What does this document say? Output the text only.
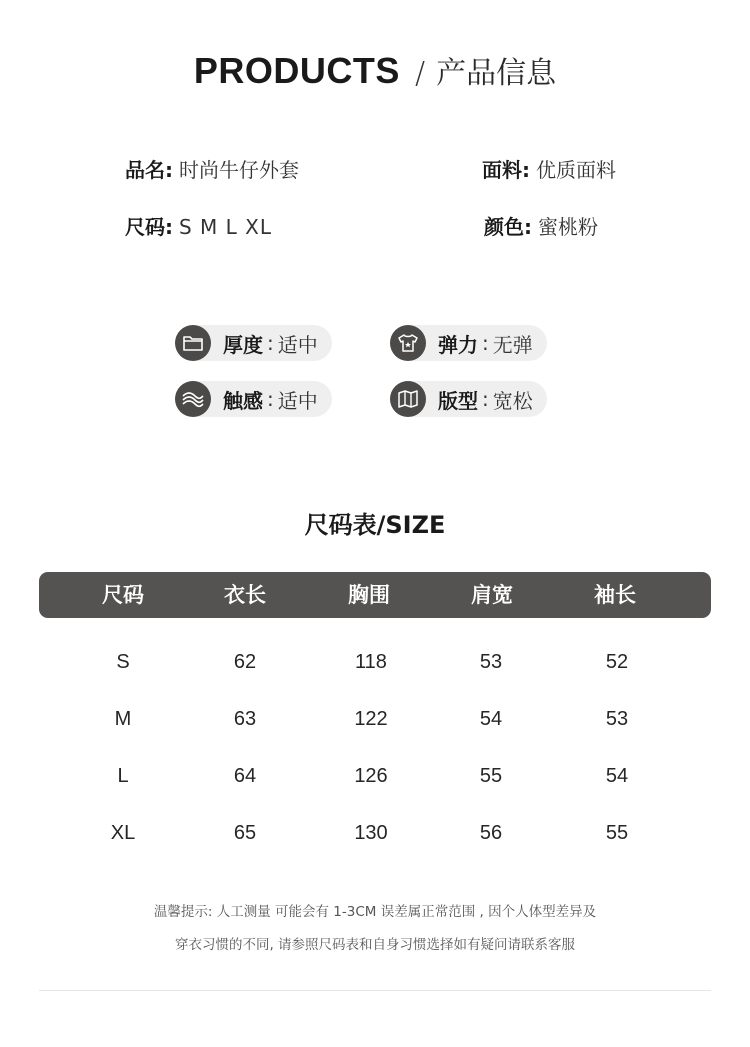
PRODUCTS / 产品信息
品名: 时尚牛仔外套	面料: 优质面料
尺码: S M L XL	颜色: 蜜桃粉
厚度 : 适中	弹力 : 无弹
触感 : 适中	版型 : 宽松
尺码表/SIZE
尺码	衣长	胸围	肩宽	袖长
S	62	118	53	52
M	63	122	54	53
L	64	126	55	54
XL	65	130	56	55
温馨提示: 人工测量 可能会有 1-3CM 误差属正常范围 , 因个人体型差异及
穿衣习惯的不同, 请参照尺码表和自身习惯选择如有疑问请联系客服
